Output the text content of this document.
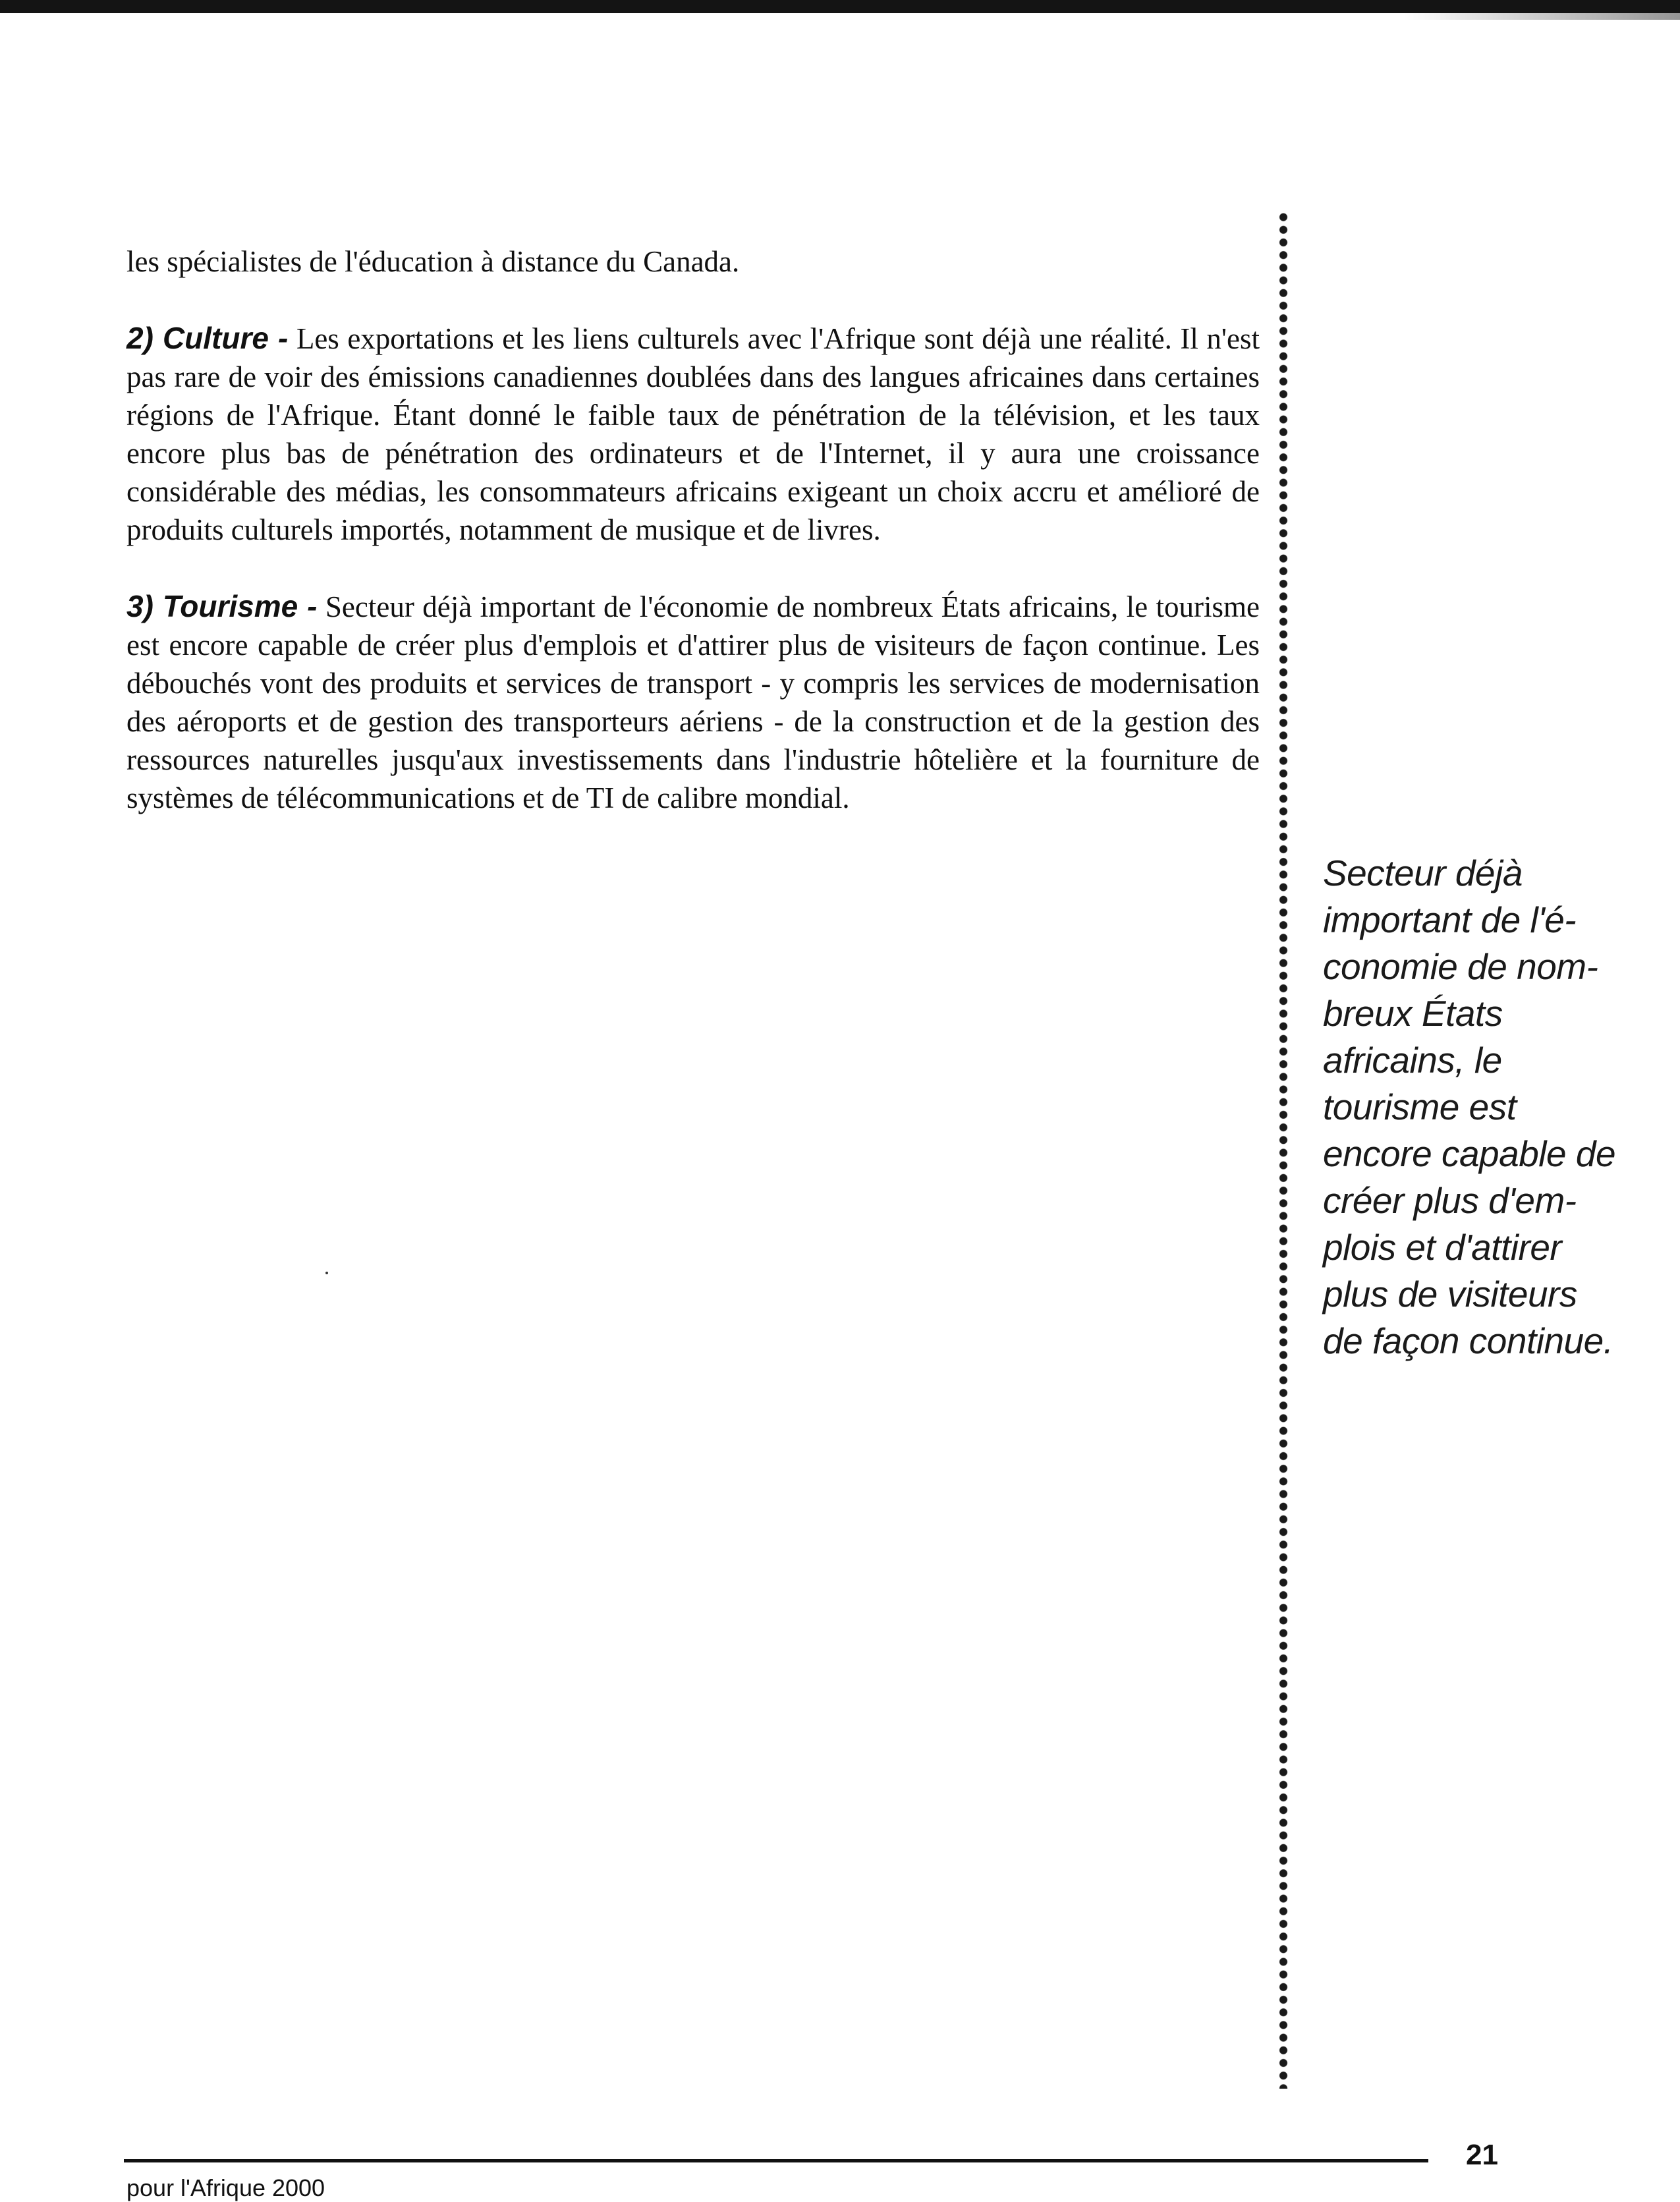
les spécialistes de l'éducation à distance du Canada.

2) Culture - Les exportations et les liens culturels avec l'Afrique sont déjà une réalité. Il n'est pas rare de voir des émissions canadiennes doublées dans des langues africaines dans certaines régions de l'Afrique. Étant donné le faible taux de pénétration de la télévision, et les taux encore plus bas de pénétration des ordinateurs et de l'Internet, il y aura une croissance considérable des médias, les consommateurs africains exigeant un choix accru et amélioré de produits culturels importés, notamment de musique et de livres.

3) Tourisme - Secteur déjà important de l'économie de nombreux États africains, le tourisme est encore capable de créer plus d'emplois et d'attirer plus de visiteurs de façon continue. Les débouchés vont des produits et services de transport - y compris les services de modernisation des aéroports et de gestion des transporteurs aériens - de la construction et de la gestion des ressources naturelles jusqu'aux investissements dans l'industrie hôtelière et la fourniture de systèmes de télécommunications et de TI de calibre mondial.

Secteur déjà
important de l'é-
conomie de nom-
breux États
africains, le
tourisme est
encore capable de
créer plus d'em-
plois et d'attirer
plus de visiteurs
de façon continue.
21
pour l'Afrique 2000
